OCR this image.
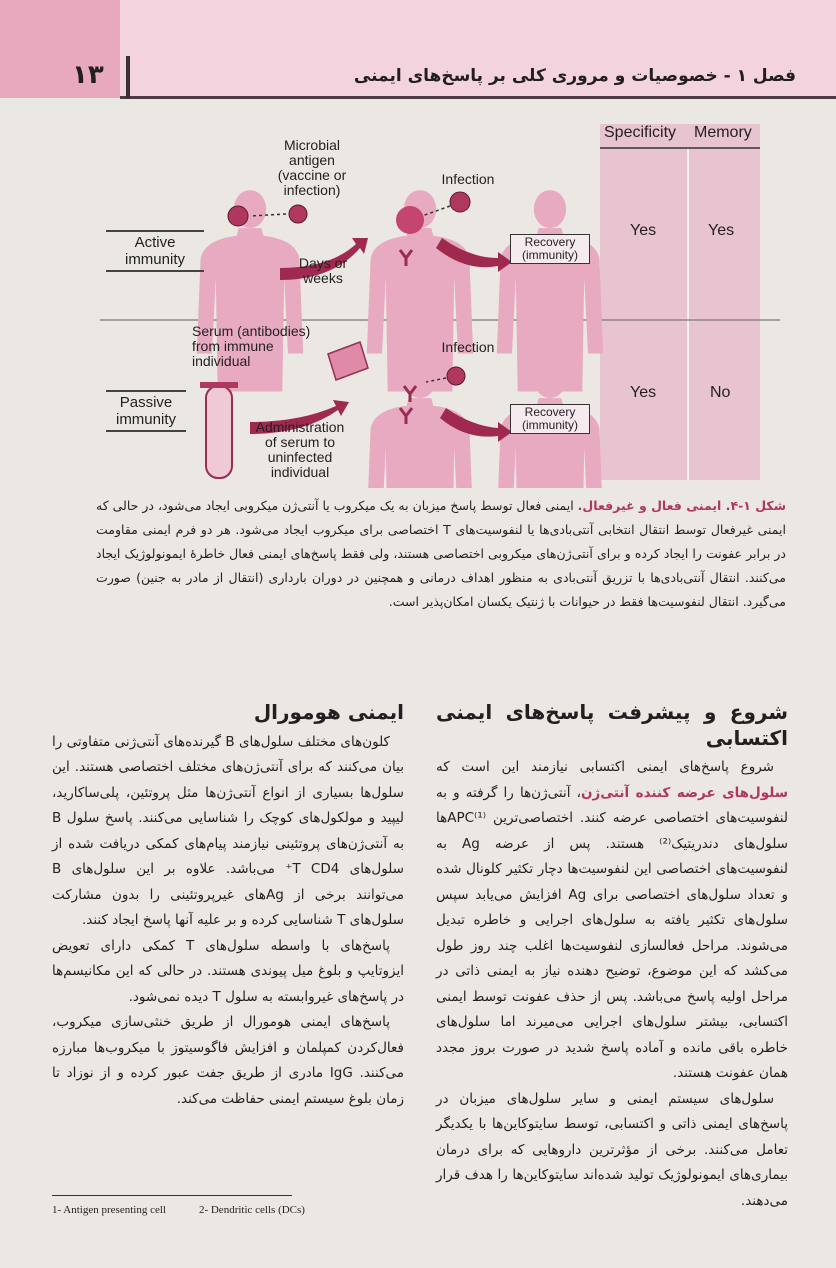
۱۳	فصل ۱ - خصوصیات و مروری کلی بر پاسخ‌های ایمنی
Microbial antigen (vaccine or infection)
Infection
Days or weeks
Recovery (immunity)
Active immunity
Serum (antibodies) from immune individual
Infection
Recovery (immunity)
Administration of serum to uninfected individual
Passive immunity
Specificity Memory
Yes	Yes
Yes	No
شکل ۱-۴. ایمنی فعال و غیرفعال. ایمنی فعال توسط پاسخ میزبان به یک میکروب یا آنتی‌ژن میکروبی ایجاد می‌شود، در حالی که ایمنی غیرفعال توسط انتقال انتخابی آنتی‌بادی‌ها یا لنفوسیت‌های T اختصاصی برای میکروب ایجاد می‌شود. هر دو فرم ایمنی مقاومت در برابر عفونت را ایجاد کرده و برای آنتی‌ژن‌های میکروبی اختصاصی هستند، ولی فقط پاسخ‌های ایمنی فعال خاطرهٔ ایمونولوژیک ایجاد می‌کنند. انتقال آنتی‌بادی‌ها با تزریق آنتی‌بادی به منظور اهداف درمانی و همچنین در دوران بارداری (انتقال از مادر به جنین) صورت می‌گیرد. انتقال لنفوسیت‌ها فقط در حیوانات با ژنتیک یکسان امکان‌پذیر است.

شروع و پیشرفت پاسخ‌های ایمنی اکتسابی

شروع پاسخ‌های ایمنی اکتسابی نیازمند این است که سلول‌های عرضه کننده آنتی‌ژن، آنتی‌ژن‌ها را گرفته و به لنفوسیت‌های اختصاصی عرضه کنند. اختصاصی‌ترین APC⁽¹⁾ها سلول‌های دندریتیک⁽²⁾ هستند. پس از عرضه Ag به لنفوسیت‌های اختصاصی این لنفوسیت‌ها دچار تکثیر کلونال شده و تعداد سلول‌های اختصاصی برای Ag افزایش می‌یابد سپس سلول‌های تکثیر یافته به سلول‌های اجرایی و خاطره تبدیل می‌شوند. مراحل فعالسازی لنفوسیت‌ها اغلب چند روز طول می‌کشد که این موضوع، توضیح دهنده نیاز به ایمنی ذاتی در مراحل اولیه پاسخ می‌باشد. پس از حذف عفونت توسط ایمنی اکتسابی، بیشتر سلول‌های اجرایی می‌میرند اما سلول‌های خاطره باقی مانده و آماده پاسخ شدید در صورت بروز مجدد همان عفونت هستند.

سلول‌های سیستم ایمنی و سایر سلول‌های میزبان در پاسخ‌های ایمنی ذاتی و اکتسابی، توسط سایتوکاین‌ها با یکدیگر تعامل می‌کنند. برخی از مؤثرترین داروهایی که برای درمان بیماری‌های ایمونولوژیک تولید شده‌اند سایتوکاین‌ها را هدف قرار می‌دهند.

ایمنی هومورال

کلون‌های مختلف سلول‌های B گیرنده‌های آنتی‌ژنی متفاوتی را بیان می‌کنند که برای آنتی‌ژن‌های مختلف اختصاصی هستند. این سلول‌ها بسیاری از انواع آنتی‌ژن‌ها مثل پروتئین، پلی‌ساکارید، لیپید و مولکول‌های کوچک را شناسایی می‌کنند. پاسخ سلول B به آنتی‌ژن‌های پروتئینی نیازمند پیام‌های کمکی دریافت شده از سلول‌های T CD4⁺ می‌باشد. علاوه بر این سلول‌های B می‌توانند برخی از Agهای غیرپروتئینی را بدون مشارکت سلول‌های T شناسایی کرده و بر علیه آنها پاسخ ایجاد کنند.

پاسخ‌های با واسطه سلول‌های T کمکی دارای تعویض ایزوتایپ و بلوغ میل پیوندی هستند. در حالی که این مکانیسم‌ها در پاسخ‌های غیروابسته به سلول T دیده نمی‌شود.

پاسخ‌های ایمنی هومورال از طریق خنثی‌سازی میکروب، فعال‌کردن کمپلمان و افزایش فاگوسیتوز با میکروب‌ها مبارزه می‌کنند. IgG مادری از طریق جفت عبور کرده و از نوزاد تا زمان بلوغ سیستم ایمنی حفاظت می‌کند.

1- Antigen presenting cell	2- Dendritic cells (DCs)
